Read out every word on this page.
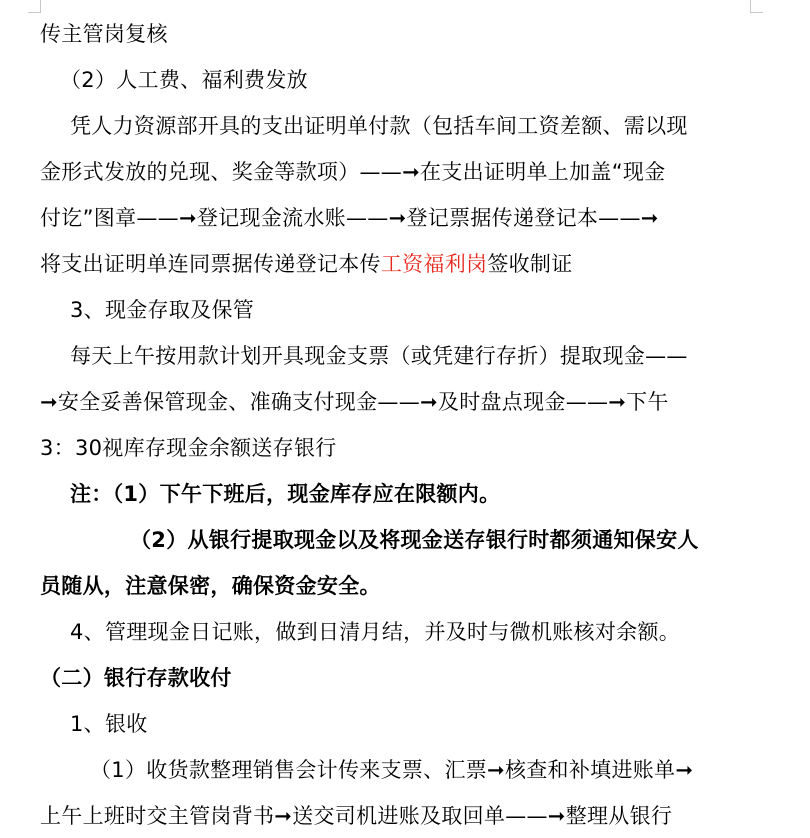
传主管岗复核
（2）人工费、福利费发放
凭人力资源部开具的支出证明单付款（包括车间工资差额、需以现
金形式发放的兑现、奖金等款项）——➞在支出证明单上加盖“现金
付讫”图章——➞登记现金流水账——➞登记票据传递登记本——➞
将支出证明单连同票据传递登记本传工资福利岗签收制证
3、现金存取及保管
每天上午按用款计划开具现金支票（或凭建行存折）提取现金——
➞安全妥善保管现金、准确支付现金——➞及时盘点现金——➞下午
3：30视库存现金余额送存银行
注：（1）下午下班后，现金库存应在限额内。
（2）从银行提取现金以及将现金送存银行时都须通知保安人
员随从，注意保密，确保资金安全。
4、管理现金日记账，做到日清月结，并及时与微机账核对余额。
（二）银行存款收付
1、银收
（1）收货款整理销售会计传来支票、汇票➞核查和补填进账单➞
上午上班时交主管岗背书➞送交司机进账及取回单——➞整理从银行
